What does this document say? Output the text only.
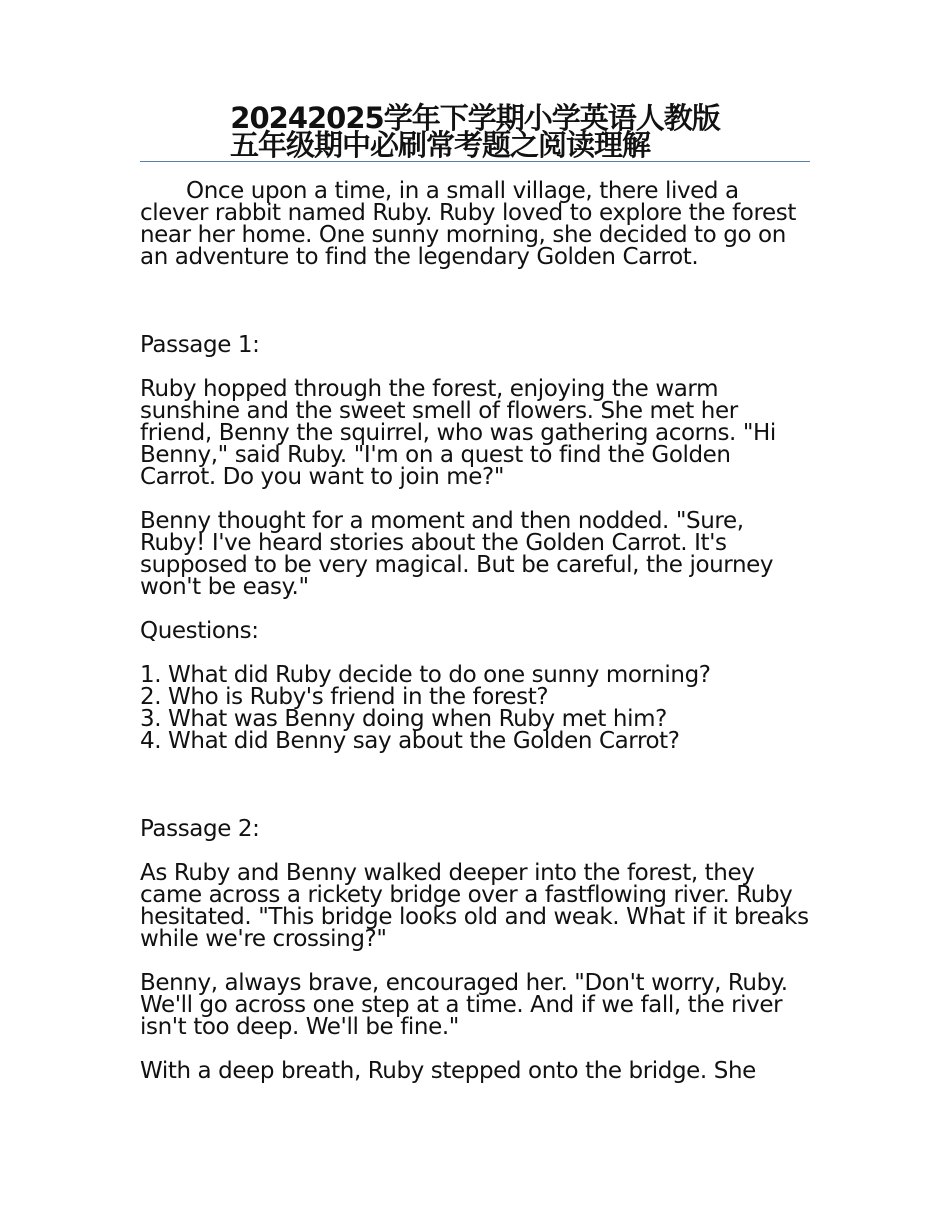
20242025学年下学期小学英语人教版
五年级期中必刷常考题之阅读理解

Once upon a time, in a small village, there lived a clever rabbit named Ruby. Ruby loved to explore the forest near her home. One sunny morning, she decided to go on an adventure to find the legendary Golden Carrot.

Passage 1:

Ruby hopped through the forest, enjoying the warm sunshine and the sweet smell of flowers. She met her friend, Benny the squirrel, who was gathering acorns. "Hi Benny," said Ruby. "I'm on a quest to find the Golden Carrot. Do you want to join me?"

Benny thought for a moment and then nodded. "Sure, Ruby! I've heard stories about the Golden Carrot. It's supposed to be very magical. But be careful, the journey won't be easy."

Questions:

1. What did Ruby decide to do one sunny morning?

2. Who is Ruby's friend in the forest?

3. What was Benny doing when Ruby met him?

4. What did Benny say about the Golden Carrot?

Passage 2:

As Ruby and Benny walked deeper into the forest, they came across a rickety bridge over a fastflowing river. Ruby hesitated. "This bridge looks old and weak. What if it breaks while we're crossing?"

Benny, always brave, encouraged her. "Don't worry, Ruby. We'll go across one step at a time. And if we fall, the river isn't too deep. We'll be fine."

With a deep breath, Ruby stepped onto the bridge. She
